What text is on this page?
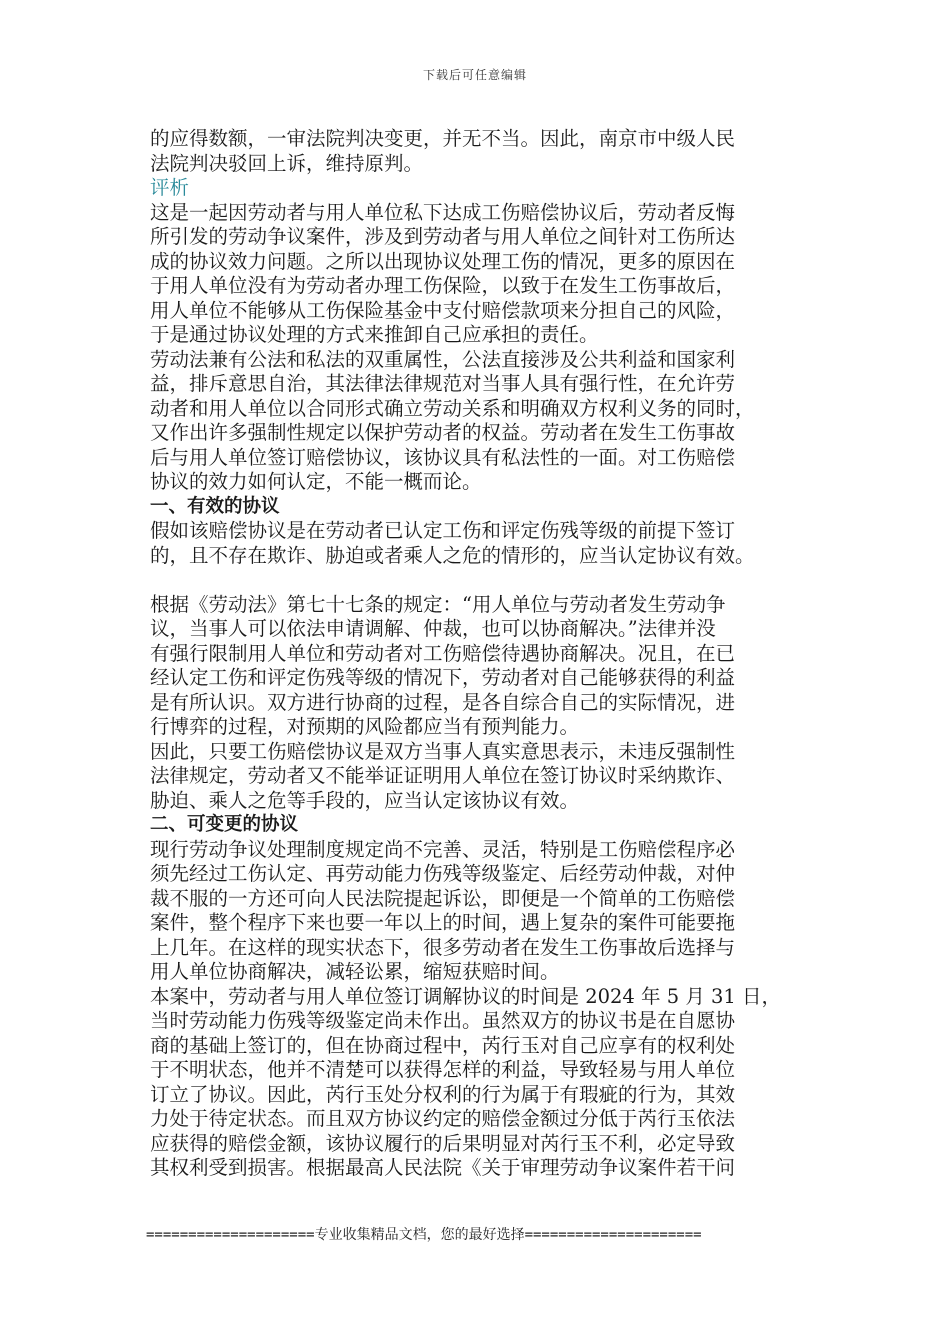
下载后可任意编辑
的应得数额，一审法院判决变更，并无不当。因此，南京市中级人民
法院判决驳回上诉，维持原判。
评析
这是一起因劳动者与用人单位私下达成工伤赔偿协议后，劳动者反悔
所引发的劳动争议案件，涉及到劳动者与用人单位之间针对工伤所达
成的协议效力问题。之所以出现协议处理工伤的情况，更多的原因在
于用人单位没有为劳动者办理工伤保险，以致于在发生工伤事故后，
用人单位不能够从工伤保险基金中支付赔偿款项来分担自己的风险，
于是通过协议处理的方式来推卸自己应承担的责任。
劳动法兼有公法和私法的双重属性，公法直接涉及公共利益和国家利
益，排斥意思自治，其法律法律规范对当事人具有强行性，在允许劳
动者和用人单位以合同形式确立劳动关系和明确双方权利义务的同时，
又作出许多强制性规定以保护劳动者的权益。劳动者在发生工伤事故
后与用人单位签订赔偿协议，该协议具有私法性的一面。对工伤赔偿
协议的效力如何认定，不能一概而论。
一、有效的协议
假如该赔偿协议是在劳动者已认定工伤和评定伤残等级的前提下签订
的，且不存在欺诈、胁迫或者乘人之危的情形的，应当认定协议有效。
根据《劳动法》第七十七条的规定：“用人单位与劳动者发生劳动争
议，当事人可以依法申请调解、仲裁，也可以协商解决。”法律并没
有强行限制用人单位和劳动者对工伤赔偿待遇协商解决。况且，在已
经认定工伤和评定伤残等级的情况下，劳动者对自己能够获得的利益
是有所认识。双方进行协商的过程，是各自综合自己的实际情况，进
行博弈的过程，对预期的风险都应当有预判能力。
因此，只要工伤赔偿协议是双方当事人真实意思表示，未违反强制性
法律规定，劳动者又不能举证证明用人单位在签订协议时采纳欺诈、
胁迫、乘人之危等手段的，应当认定该协议有效。
二、可变更的协议
现行劳动争议处理制度规定尚不完善、灵活，特别是工伤赔偿程序必
须先经过工伤认定、再劳动能力伤残等级鉴定、后经劳动仲裁，对仲
裁不服的一方还可向人民法院提起诉讼，即便是一个简单的工伤赔偿
案件，整个程序下来也要一年以上的时间，遇上复杂的案件可能要拖
上几年。在这样的现实状态下，很多劳动者在发生工伤事故后选择与
用人单位协商解决，减轻讼累，缩短获赔时间。
本案中，劳动者与用人单位签订调解协议的时间是 2024 年 5 月 31 日，
当时劳动能力伤残等级鉴定尚未作出。虽然双方的协议书是在自愿协
商的基础上签订的，但在协商过程中，芮行玉对自己应享有的权利处
于不明状态，他并不清楚可以获得怎样的利益，导致轻易与用人单位
订立了协议。因此，芮行玉处分权利的行为属于有瑕疵的行为，其效
力处于待定状态。而且双方协议约定的赔偿金额过分低于芮行玉依法
应获得的赔偿金额，该协议履行的后果明显对芮行玉不利，必定导致
其权利受到损害。根据最高人民法院《关于审理劳动争议案件若干问
====================专业收集精品文档，您的最好选择=====================
